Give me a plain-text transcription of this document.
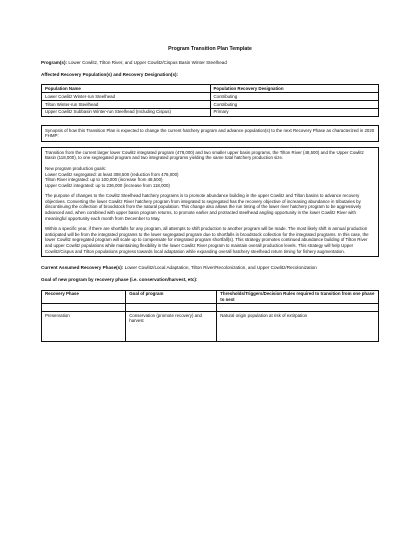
Program Transition Plan Template

Program(s): Lower Cowlitz, Tilton River, and Upper Cowlitz/Cispus Basin Winter Steelhead

Affected Recovery Population(s) and Recovery Designation(s):

Population Name	Population Recovery Designation
Lower Cowlitz Winter-run Steelhead	Contributing
Tilton Winter-run Steelhead	Contributing
Upper Cowlitz Subbasin Winter-run Steelhead (Including Cispus)	Primary
Synopsis of how this Transition Plan is expected to change the current hatchery program and advance population(s) to the next Recovery Phase as characterized in 2020 FHMP:

Transition from the current larger lower Cowlitz integrated program (478,000) and two smaller upper basin programs, the Tilton River (48,500) and the Upper Cowlitz Basin (118,000), to one segregated program and two integrated programs yielding the same total hatchery production size.

New program production goals:
Lower Cowlitz segregated: at least 308,500 (reduction from 478,000)
Tilton River integrated: up to 100,000 (increase from 48,500)
Upper Cowlitz integrated: up to 236,000 (increase from 118,000)

The purpose of changes to the Cowlitz Steelhead hatchery programs is to promote abundance building in the upper Cowlitz and Tilton basins to advance recovery objectives. Converting the lower Cowlitz River hatchery program from integrated to segregated has the recovery objective of increasing abundance in tributaries by discontinuing the collection of broodstock from the natural population. This change also allows the run timing of the lower river hatchery program to be aggressively advanced and, when combined with upper basin program returns, to promote earlier and protracted steelhead angling opportunity in the lower Cowlitz River with meaningful opportunity each month from December to May.

Within a specific year, if there are shortfalls for any program, all attempts to shift production to another program will be made. The most likely shift in annual production anticipated will be from the integrated programs to the lower segregated program due to shortfalls in broodstock collection for the integrated programs. In this case, the lower Cowlitz segregated program will scale up to compensate for integrated program shortfall(s). This strategy promotes continued abundance building of Tilton River and upper Cowlitz populations while maintaining flexibility in the lower Cowlitz River program to maintain overall production levels. This strategy will help Upper Cowlitz/Cispus and Tilton populations progress towards local adaptation while expanding overall hatchery steelhead return timing for fishery augmentation.

Current Assumed Recovery Phase(s): Lower Cowlitz/Local Adaptation, Tilton River/Recolonization, and Upper Cowlitz/Recolonization

Goal of new program by recovery phase (i.e. conservation/harvest, etc):

Recovery Phase	Goal of program	Thresholds/Triggers/Decision Rules required to transition from one phase to next

Preservation	Conservation (promote recovery) and harvest	Natural origin population at risk of extirpation
